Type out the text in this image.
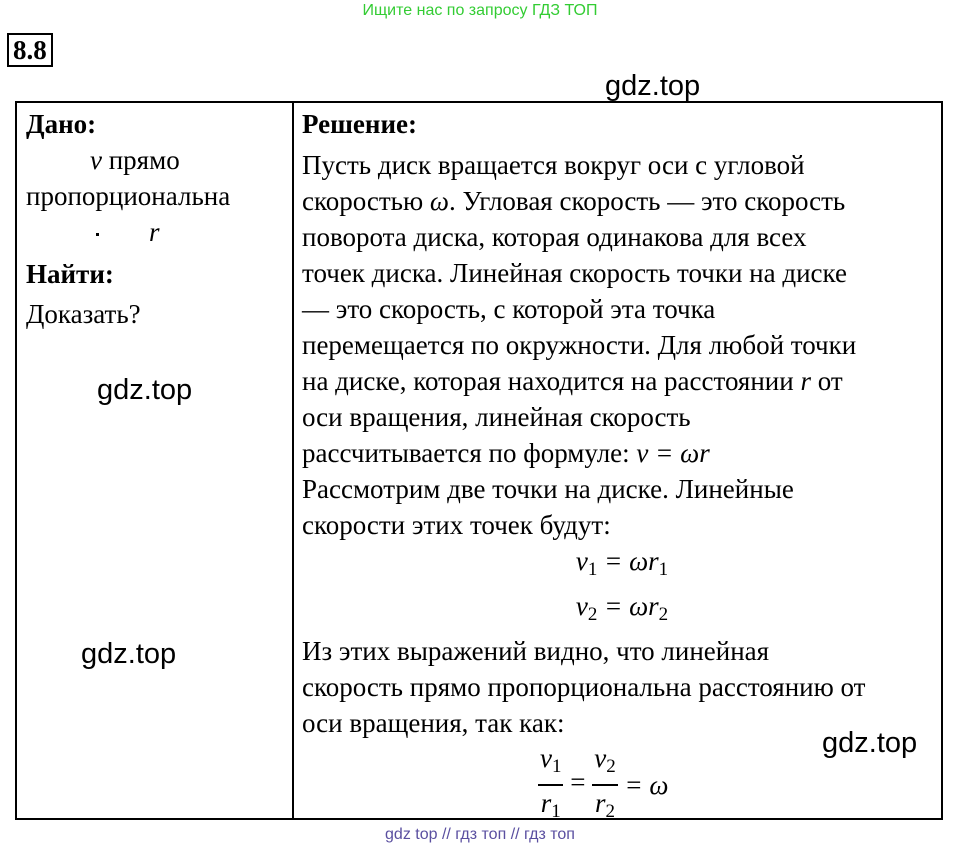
Ищите нас по запросу ГДЗ ТОП
8.8
gdz.top
Дано:
v прямо
пропорциональна
r
Найти:
Доказать?
Решение:
Пусть диск вращается вокруг оси с угловой
скоростью ω. Угловая скорость — это скорость
поворота диска, которая одинакова для всех
точек диска. Линейная скорость точки на диске
— это скорость, с которой эта точка
перемещается по окружности. Для любой точки
на диске, которая находится на расстоянии r от
оси вращения, линейная скорость
рассчитывается по формуле: v = ωr
Рассмотрим две точки на диске. Линейные
скорости этих точек будут:
$v_1 = \omega r_1$
$v_2 = \omega r_2$
Из этих выражений видно, что линейная
скорость прямо пропорциональна расстоянию от
оси вращения, так как:
$\frac{v_1}{r_1} = \frac{v_2}{r_2} = \omega$
gdz.top
gdz.top
gdz.top
gdz top // гдз топ // гдз топ
